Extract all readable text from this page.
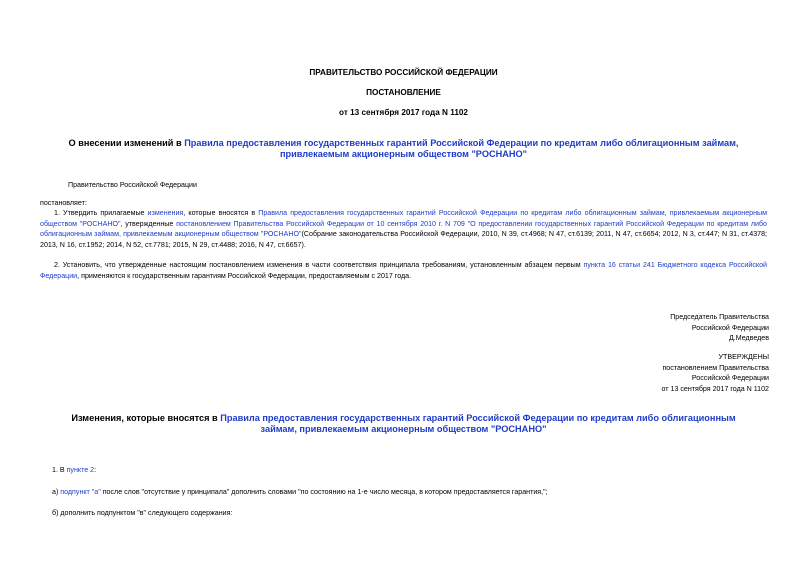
ПРАВИТЕЛЬСТВО РОССИЙСКОЙ ФЕДЕРАЦИИ
ПОСТАНОВЛЕНИЕ
от 13 сентября 2017 года N 1102
О внесении изменений в Правила предоставления государственных гарантий Российской Федерации по кредитам либо облигационным займам, привлекаемым акционерным обществом "РОСНАНО"
Правительство Российской Федерации
постановляет:
1. Утвердить прилагаемые изменения, которые вносятся в Правила предоставления государственных гарантий Российской Федерации по кредитам либо облигационным займам, привлекаемым акционерным обществом "РОСНАНО", утвержденные постановлением Правительства Российской Федерации от 10 сентября 2010 г. N 709 "О предоставлении государственных гарантий Российской Федерации по кредитам либо облигационным займам, привлекаемым акционерным обществом "РОСНАНО"(Собрание законодательства Российской Федерации, 2010, N 39, ст.4968; N 47, ст.6139; 2011, N 47, ст.6654; 2012, N 3, ст.447; N 31, ст.4378; 2013, N 16, ст.1952; 2014, N 52, ст.7781; 2015, N 29, ст.4488; 2016, N 47, ст.6657).
2. Установить, что утвержденные настоящим постановлением изменения в части соответствия принципала требованиям, установленным абзацем первым пункта 16 статьи 241 Бюджетного кодекса Российской Федерации, применяются к государственным гарантиям Российской Федерации, предоставляемым с 2017 года.
Председатель Правительства
Российской Федерации
Д.Медведев
УТВЕРЖДЕНЫ
постановлением Правительства
Российской Федерации
от 13 сентября 2017 года N 1102
Изменения, которые вносятся в Правила предоставления государственных гарантий Российской Федерации по кредитам либо облигационным займам, привлекаемым акционерным обществом "РОСНАНО"
1. В пункте 2:
а) подпункт "а" после слов "отсутствие у принципала" дополнить словами "по состоянию на 1-е число месяца, в котором предоставляется гарантия,";
б) дополнить подпунктом "в" следующего содержания:
